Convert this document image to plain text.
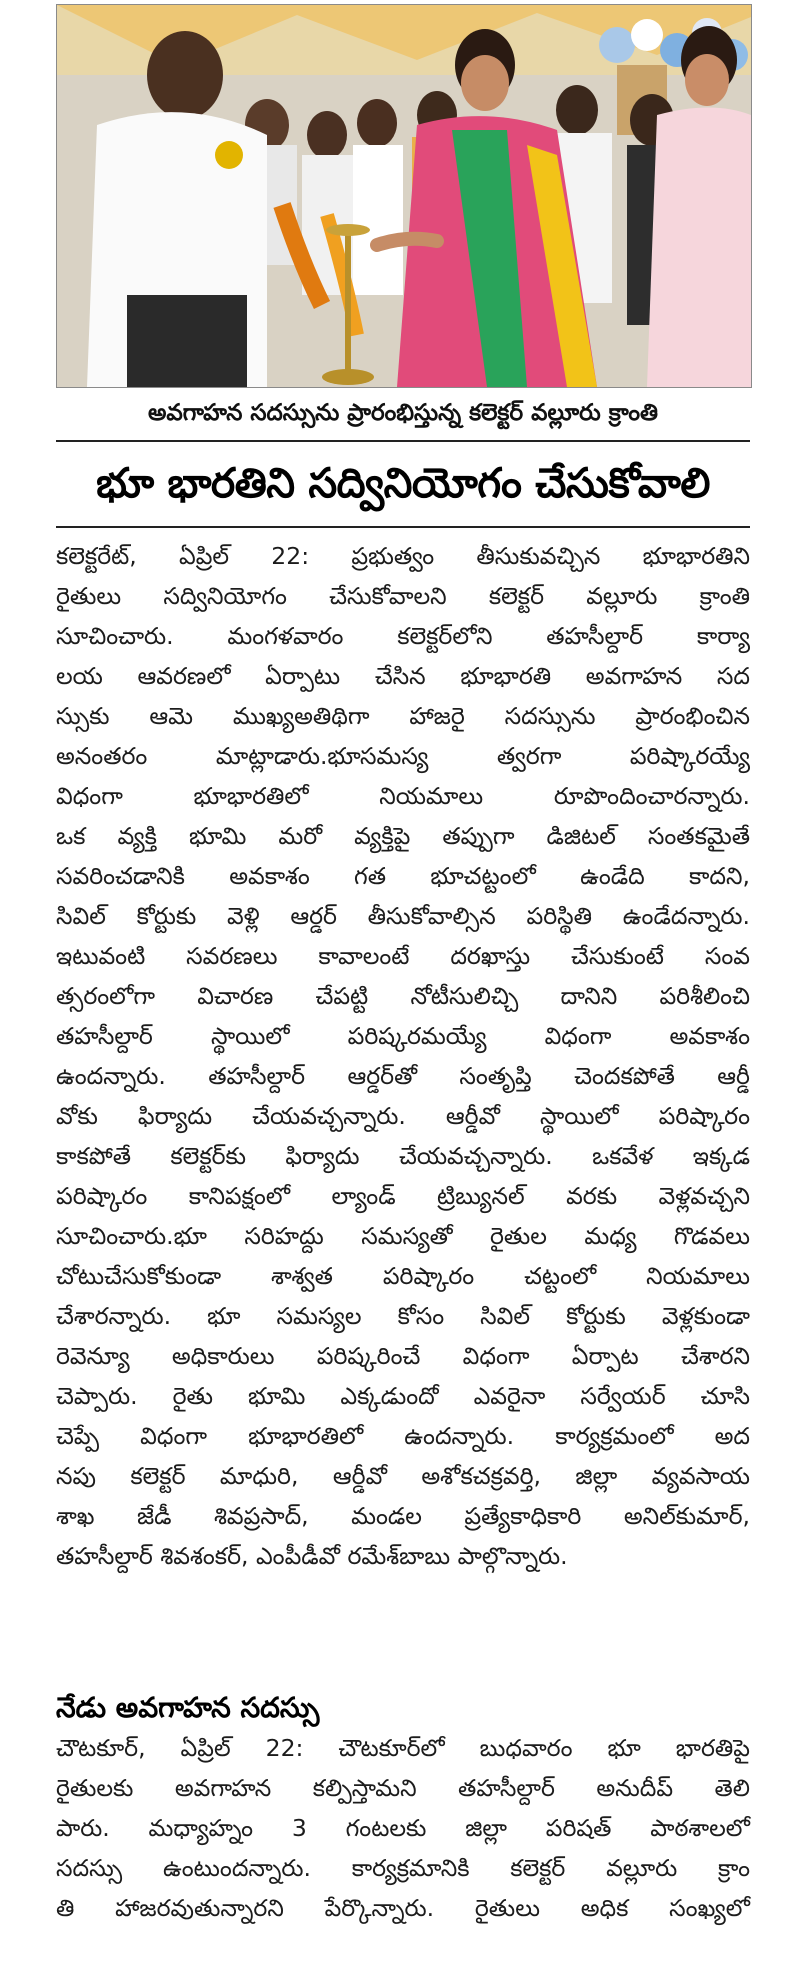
అవగాహన సదస్సును ప్రారంభిస్తున్న కలెక్టర్ వల్లూరు క్రాంతి
భూ భారతిని సద్వినియోగం చేసుకోవాలి
కలెక్టరేట్, ఏప్రిల్ 22: ప్రభుత్వం తీసుకువచ్చిన భూభారతిని
రైతులు సద్వినియోగం చేసుకోవాలని కలెక్టర్ వల్లూరు క్రాంతి
సూచించారు. మంగళవారం కలెక్టర్‌లోని తహసీల్దార్ కార్యా
లయ ఆవరణలో ఏర్పాటు చేసిన భూభారతి అవగాహన సద
స్సుకు ఆమె ముఖ్యఅతిథిగా హాజరై సదస్సును ప్రారంభించిన
అనంతరం మాట్లాడారు.భూసమస్య త్వరగా పరిష్కారయ్యే
విధంగా భూభారతిలో నియమాలు రూపొందించారన్నారు.
ఒక వ్యక్తి భూమి మరో వ్యక్తిపై తప్పుగా డిజిటల్ సంతకమైతే
సవరించడానికి అవకాశం గత భూచట్టంలో ఉండేది కాదని,
సివిల్ కోర్టుకు వెళ్లి ఆర్డర్ తీసుకోవాల్సిన పరిస్థితి ఉండేదన్నారు.
ఇటువంటి సవరణలు కావాలంటే దరఖాస్తు చేసుకుంటే సంవ
త్సరంలోగా విచారణ చేపట్టి నోటీసులిచ్చి దానిని పరిశీలించి
తహసీల్దార్ స్థాయిలో పరిష్కరమయ్యే విధంగా అవకాశం
ఉందన్నారు. తహసీల్దార్ ఆర్డర్‌తో సంతృప్తి చెందకపోతే ఆర్డీ
వోకు ఫిర్యాదు చేయవచ్చన్నారు. ఆర్డీవో స్థాయిలో పరిష్కారం
కాకపోతే కలెక్టర్‌కు ఫిర్యాదు చేయవచ్చన్నారు. ఒకవేళ ఇక్కడ
పరిష్కారం కానిపక్షంలో ల్యాండ్ ట్రిబ్యునల్ వరకు వెళ్లవచ్చని
సూచించారు.భూ సరిహద్దు సమస్యతో రైతుల మధ్య గొడవలు
చోటుచేసుకోకుండా శాశ్వత పరిష్కారం చట్టంలో నియమాలు
చేశారన్నారు. భూ సమస్యల కోసం సివిల్ కోర్టుకు వెళ్లకుండా
రెవెన్యూ అధికారులు పరిష్కరించే విధంగా ఏర్పాట చేశారని
చెప్పారు. రైతు భూమి ఎక్కడుందో ఎవరైనా సర్వేయర్ చూసి
చెప్పే విధంగా భూభారతిలో ఉందన్నారు. కార్యక్రమంలో అద
నపు కలెక్టర్ మాధురి, ఆర్డీవో అశోకచక్రవర్తి, జిల్లా వ్యవసాయ
శాఖ జేడీ శివప్రసాద్, మండల ప్రత్యేకాధికారి అనిల్‌కుమార్,
తహసీల్దార్ శివశంకర్, ఎంపీడీవో రమేశ్‌బాబు పాల్గొన్నారు.
నేడు అవగాహన సదస్సు
చౌటకూర్, ఏప్రిల్ 22: చౌటకూర్‌లో బుధవారం భూ భారతిపై
రైతులకు అవగాహన కల్పిస్తామని తహసీల్దార్ అనుదీప్ తెలి
పారు. మధ్యాహ్నం 3 గంటలకు జిల్లా పరిషత్ పాఠశాలలో
సదస్సు ఉంటుందన్నారు. కార్యక్రమానికి కలెక్టర్ వల్లూరు క్రాం
తి హాజరవుతున్నారని పేర్కొన్నారు. రైతులు అధిక సంఖ్యలో
